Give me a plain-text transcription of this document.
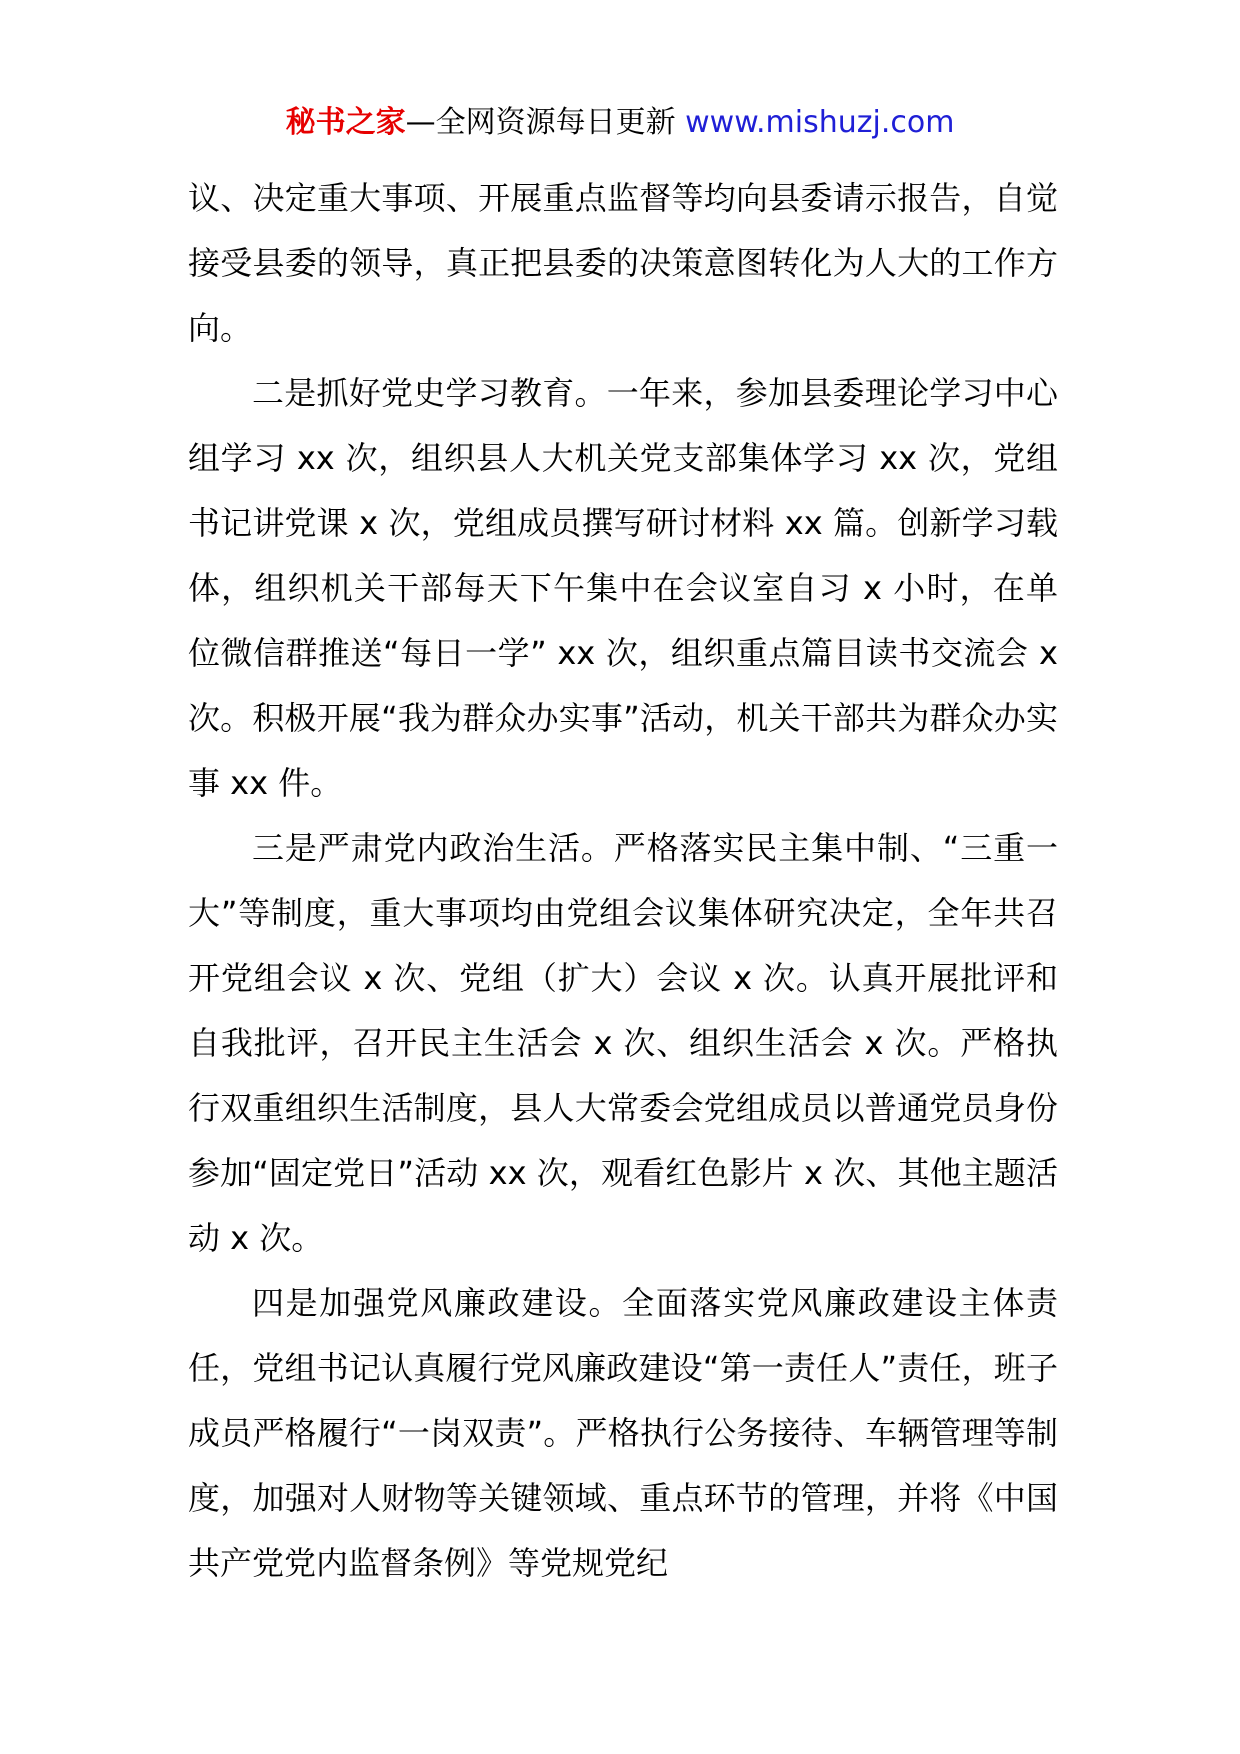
秘书之家—全网资源每日更新 www.mishuzj.com

议、决定重大事项、开展重点监督等均向县委请示报告，自觉接受县委的领导，真正把县委的决策意图转化为人大的工作方向。

二是抓好党史学习教育。一年来，参加县委理论学习中心组学习 xx 次，组织县人大机关党支部集体学习 xx 次，党组书记讲党课 x 次，党组成员撰写研讨材料 xx 篇。创新学习载体，组织机关干部每天下午集中在会议室自习 x 小时，在单位微信群推送“每日一学” xx 次，组织重点篇目读书交流会 x 次。积极开展“我为群众办实事”活动，机关干部共为群众办实事 xx 件。

三是严肃党内政治生活。严格落实民主集中制、“三重一大”等制度，重大事项均由党组会议集体研究决定，全年共召开党组会议 x 次、党组（扩大）会议 x 次。认真开展批评和自我批评，召开民主生活会 x 次、组织生活会 x 次。严格执行双重组织生活制度，县人大常委会党组成员以普通党员身份参加“固定党日”活动 xx 次，观看红色影片 x 次、其他主题活动 x 次。

四是加强党风廉政建设。全面落实党风廉政建设主体责任，党组书记认真履行党风廉政建设“第一责任人”责任，班子成员严格履行“一岗双责”。严格执行公务接待、车辆管理等制度，加强对人财物等关键领域、重点环节的管理，并将《中国共产党党内监督条例》等党规党纪
